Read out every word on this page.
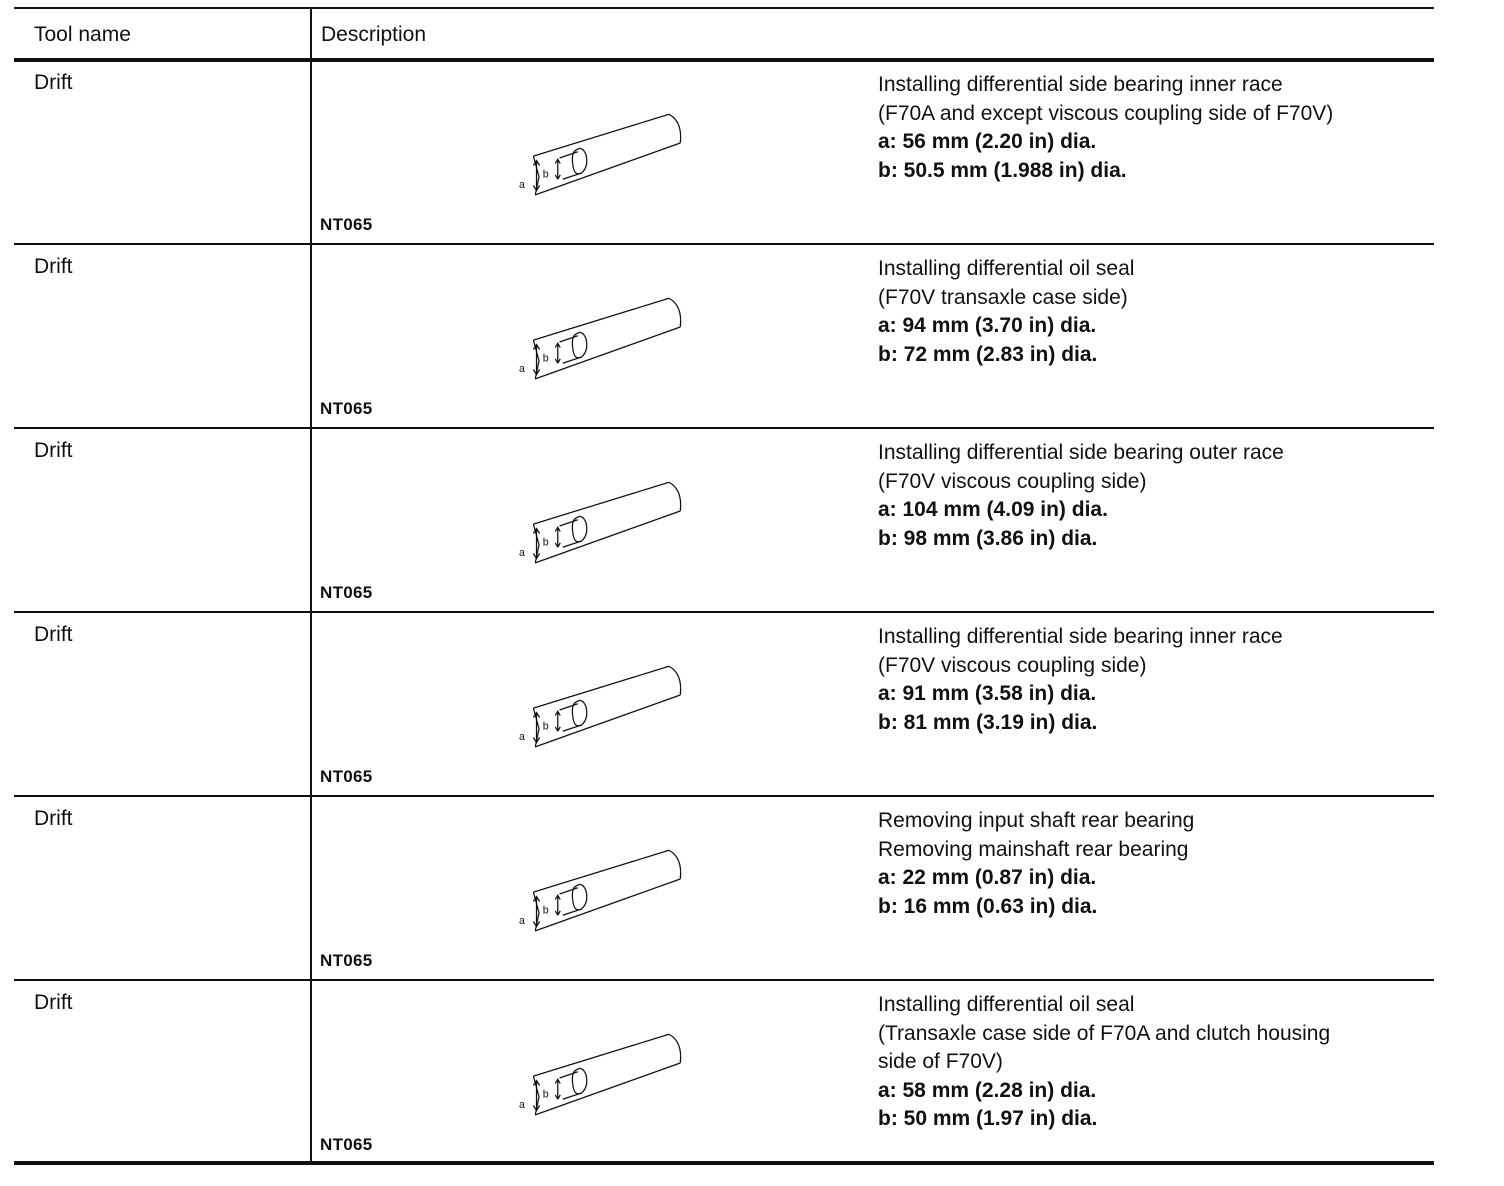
Tool name	Description
Drift
a
b
NT065
Installing differential side bearing inner race
(F70A and except viscous coupling side of F70V)
a: 56 mm (2.20 in) dia.
b: 50.5 mm (1.988 in) dia.
Drift
a
b
NT065
Installing differential oil seal
(F70V transaxle case side)
a: 94 mm (3.70 in) dia.
b: 72 mm (2.83 in) dia.
Drift
a
b
NT065
Installing differential side bearing outer race
(F70V viscous coupling side)
a: 104 mm (4.09 in) dia.
b: 98 mm (3.86 in) dia.
Drift
a
b
NT065
Installing differential side bearing inner race
(F70V viscous coupling side)
a: 91 mm (3.58 in) dia.
b: 81 mm (3.19 in) dia.
Drift
a
b
NT065
Removing input shaft rear bearing
Removing mainshaft rear bearing
a: 22 mm (0.87 in) dia.
b: 16 mm (0.63 in) dia.
Drift
a
b
NT065
Installing differential oil seal
(Transaxle case side of F70A and clutch housing
side of F70V)
a: 58 mm (2.28 in) dia.
b: 50 mm (1.97 in) dia.
